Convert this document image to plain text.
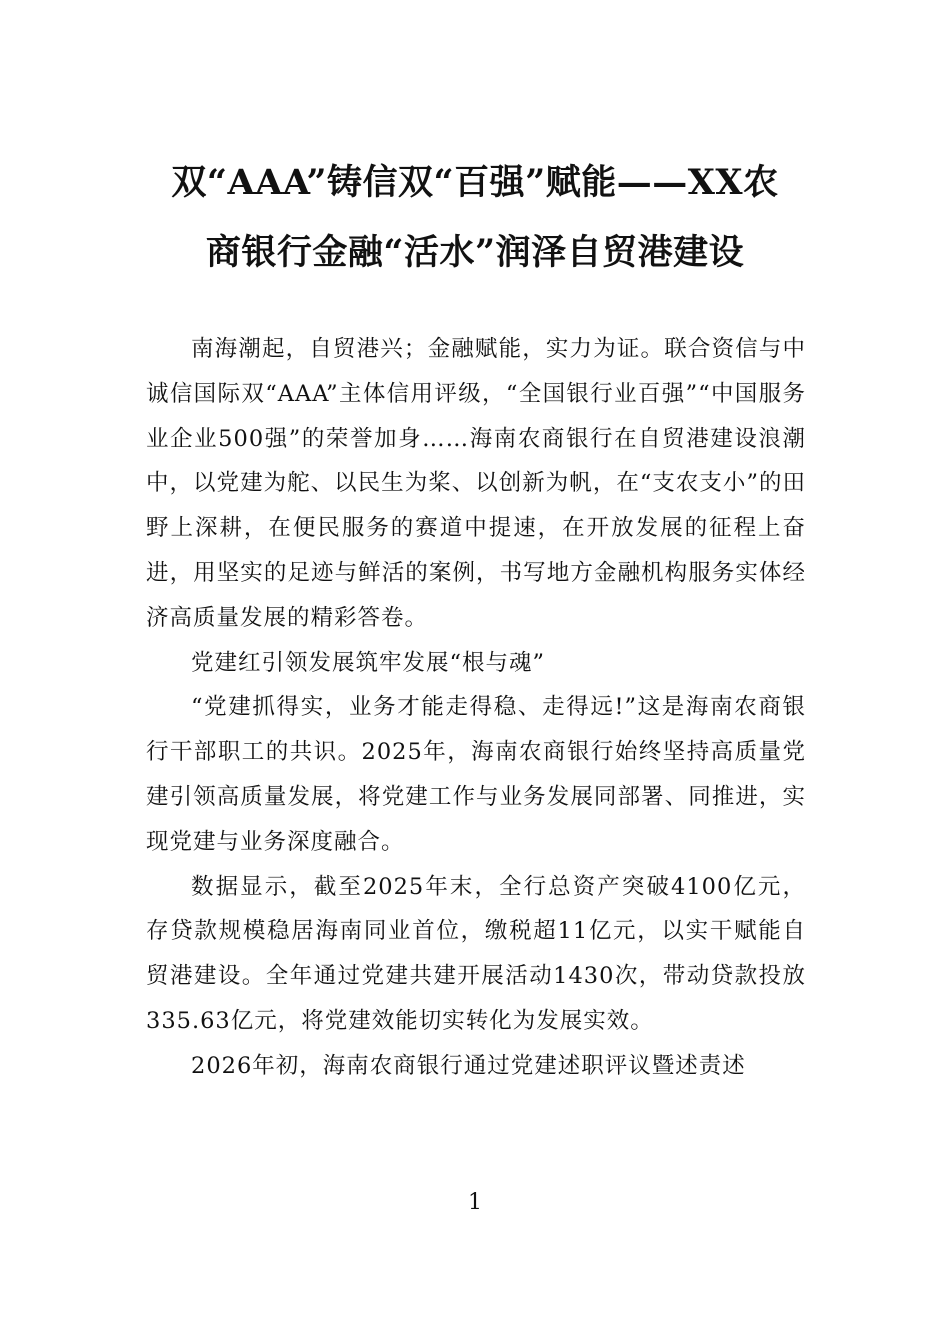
双“AAA”铸信双“百强”赋能——XX农
商银行金融“活水”润泽自贸港建设

南海潮起，自贸港兴；金融赋能，实力为证。联合资信与中诚信国际双“AAA”主体信用评级，“全国银行业百强”“中国服务业企业500强”的荣誉加身……海南农商银行在自贸港建设浪潮中，以党建为舵、以民生为桨、以创新为帆，在“支农支小”的田野上深耕，在便民服务的赛道中提速，在开放发展的征程上奋进，用坚实的足迹与鲜活的案例，书写地方金融机构服务实体经济高质量发展的精彩答卷。

党建红引领发展筑牢发展“根与魂”

“党建抓得实，业务才能走得稳、走得远!”这是海南农商银行干部职工的共识。2025年，海南农商银行始终坚持高质量党建引领高质量发展，将党建工作与业务发展同部署、同推进，实现党建与业务深度融合。

数据显示，截至2025年末，全行总资产突破4100亿元，存贷款规模稳居海南同业首位，缴税超11亿元，以实干赋能自贸港建设。全年通过党建共建开展活动1430次，带动贷款投放335.63亿元，将党建效能切实转化为发展实效。

2026年初，海南农商银行通过党建述职评议暨述责述

1
